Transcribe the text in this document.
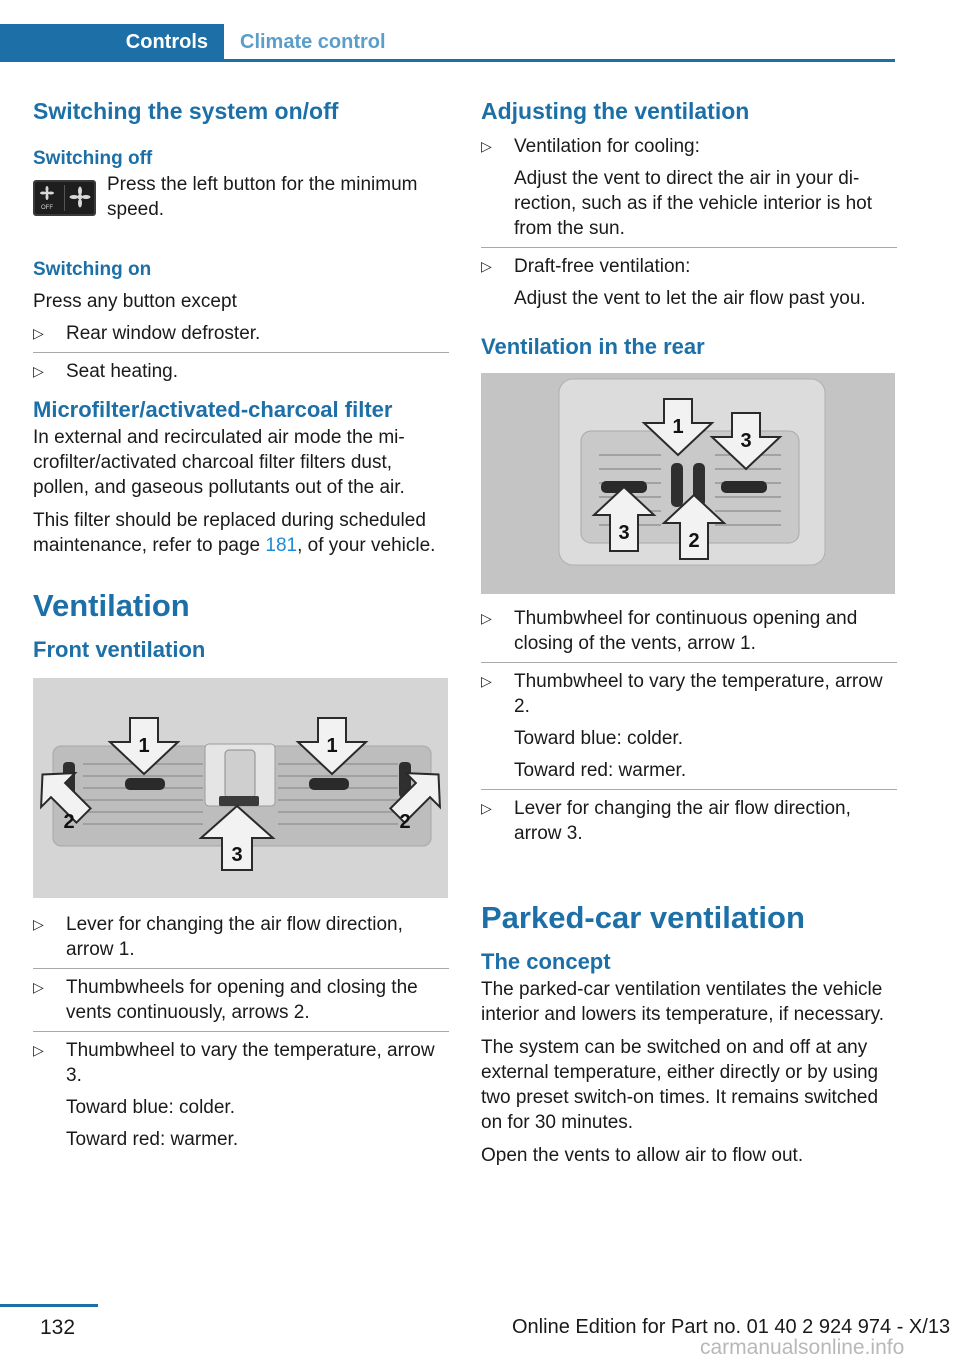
Controls	Climate control
Switching the system on/off
Switching off
OFF
Press the left button for the minimum speed.
Switching on
Press any button except
▷ Rear window defroster.
▷ Seat heating.
Microfilter/activated-charcoal filter
In external and recirculated air mode the microfilter/activated charcoal filter filters dust, pollen, and gaseous pollutants out of the air.
This filter should be replaced during scheduled maintenance, refer to page 181, of your vehicle.
Ventilation
Front ventilation
1	1
2	2
3
▷ Lever for changing the air flow direction, arrow 1.
▷ Thumbwheels for opening and closing the vents continuously, arrows 2.
▷ Thumbwheel to vary the temperature, arrow 3.
Toward blue: colder.
Toward red: warmer.
Adjusting the ventilation
▷ Ventilation for cooling:
Adjust the vent to direct the air in your direction, such as if the vehicle interior is hot from the sun.
▷ Draft-free ventilation:
Adjust the vent to let the air flow past you.
Ventilation in the rear
1
3
3	2
▷ Thumbwheel for continuous opening and closing of the vents, arrow 1.
▷ Thumbwheel to vary the temperature, arrow 2.
Toward blue: colder.
Toward red: warmer.
▷ Lever for changing the air flow direction, arrow 3.
Parked-car ventilation
The concept
The parked-car ventilation ventilates the vehicle interior and lowers its temperature, if necessary.
The system can be switched on and off at any external temperature, either directly or by using two preset switch-on times. It remains switched on for 30 minutes.
Open the vents to allow air to flow out.
132	Online Edition for Part no. 01 40 2 924 974 - X/13
carmanualsonline.info
